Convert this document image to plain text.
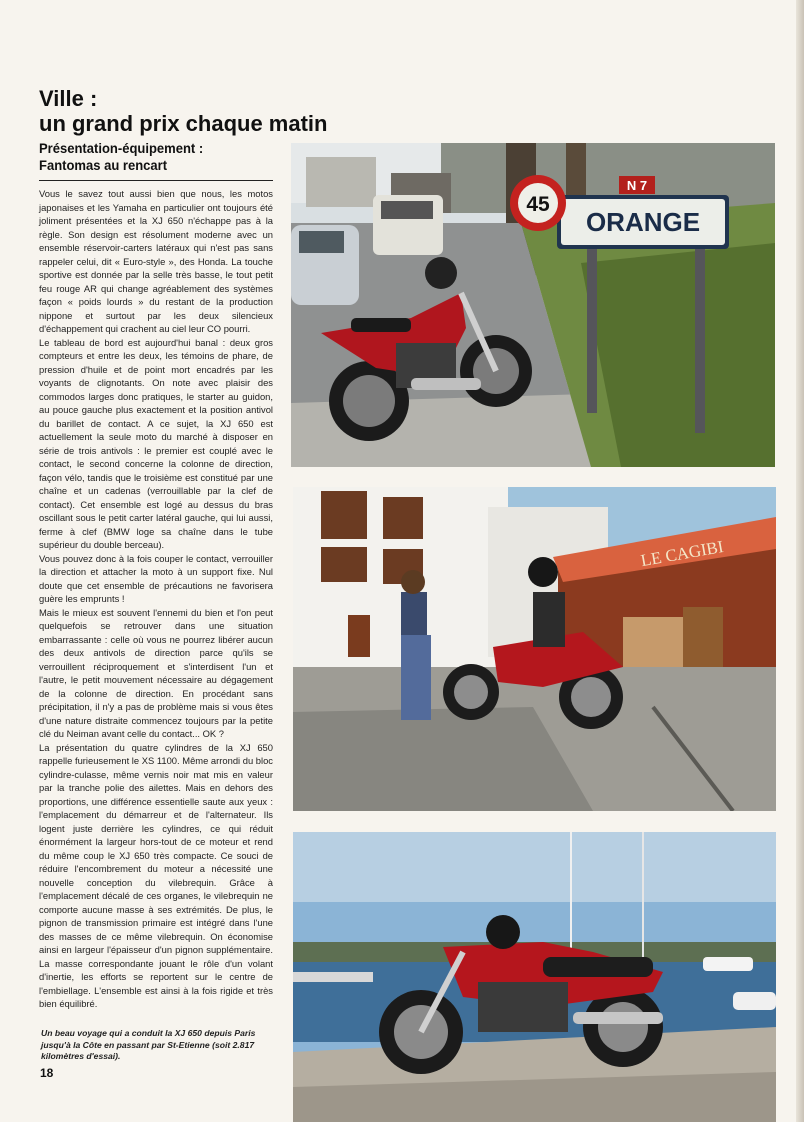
Ville :
un grand prix chaque matin
Présentation-équipement :
Fantomas au rencart

Vous le savez tout aussi bien que nous, les motos japonaises et les Yamaha en particulier ont toujours été joliment présentées et la XJ 650 n'échappe pas à la règle. Son design est résolument moderne avec un ensemble réservoir-carters latéraux qui n'est pas sans rappeler celui, dit « Euro-style », des Honda. La touche sportive est donnée par la selle très basse, le tout petit feu rouge AR qui change agréablement des systèmes façon « poids lourds » du restant de la production nippone et surtout par les deux silencieux d'échappement qui crachent au ciel leur CO pourri.

Le tableau de bord est aujourd'hui banal : deux gros compteurs et entre les deux, les témoins de phare, de pression d'huile et de point mort encadrés par les voyants de clignotants. On note avec plaisir des commodos larges donc pratiques, le starter au guidon, au pouce gauche plus exactement et la position antivol du barillet de contact. A ce sujet, la XJ 650 est actuellement la seule moto du marché à disposer en série de trois antivols : le premier est couplé avec le contact, le second concerne la colonne de direction, façon vélo, tandis que le troisième est constitué par une chaîne et un cadenas (verrouillable par la clef de contact). Cet ensemble est logé au dessus du bras oscillant sous le petit carter latéral gauche, qui lui aussi, ferme à clef (BMW loge sa chaîne dans le tube supérieur du double berceau).

Vous pouvez donc à la fois couper le contact, verrouiller la direction et attacher la moto à un support fixe. Nul doute que cet ensemble de précautions ne favorisera guère les emprunts !

Mais le mieux est souvent l'ennemi du bien et l'on peut quelquefois se retrouver dans une situation embarrassante : celle où vous ne pourrez libérer aucun des deux antivols de direction parce qu'ils se verrouillent réciproquement et s'interdisent l'un et l'autre, le petit mouvement nécessaire au dégagement de la colonne de direction. En procédant sans précipitation, il n'y a pas de problème mais si vous êtes d'une nature distraite commencez toujours par la petite clé du Neiman avant celle du contact... OK ?

La présentation du quatre cylindres de la XJ 650 rappelle furieusement le XS 1100. Même arrondi du bloc cylindre-culasse, même vernis noir mat mis en valeur par la tranche polie des ailettes. Mais en dehors des proportions, une différence essentielle saute aux yeux : l'emplacement du démarreur et de l'alternateur. Ils logent juste derrière les cylindres, ce qui réduit énormément la largeur hors-tout de ce moteur et rend du même coup le XJ 650 très compacte. Ce souci de réduire l'encombrement du moteur a nécessité une nouvelle conception du vilebrequin. Grâce à l'emplacement décalé de ces organes, le vilebrequin ne comporte aucune masse à ses extrémités. De plus, le pignon de transmission primaire est intégré dans l'une des masses de ce même vilebrequin. On économise ainsi en largeur l'épaisseur d'un pignon supplémentaire. La masse correspondante jouant le rôle d'un volant d'inertie, les efforts se reportent sur le centre de l'embiellage. L'ensemble est ainsi à la fois rigide et très bien équilibré.

Un beau voyage qui a conduit la XJ 650 depuis Paris jusqu'à la Côte en passant par St-Etienne (soit 2.817 kilomètres d'essai).
18
ORANGE
45
N 7
LE CAGIBI
